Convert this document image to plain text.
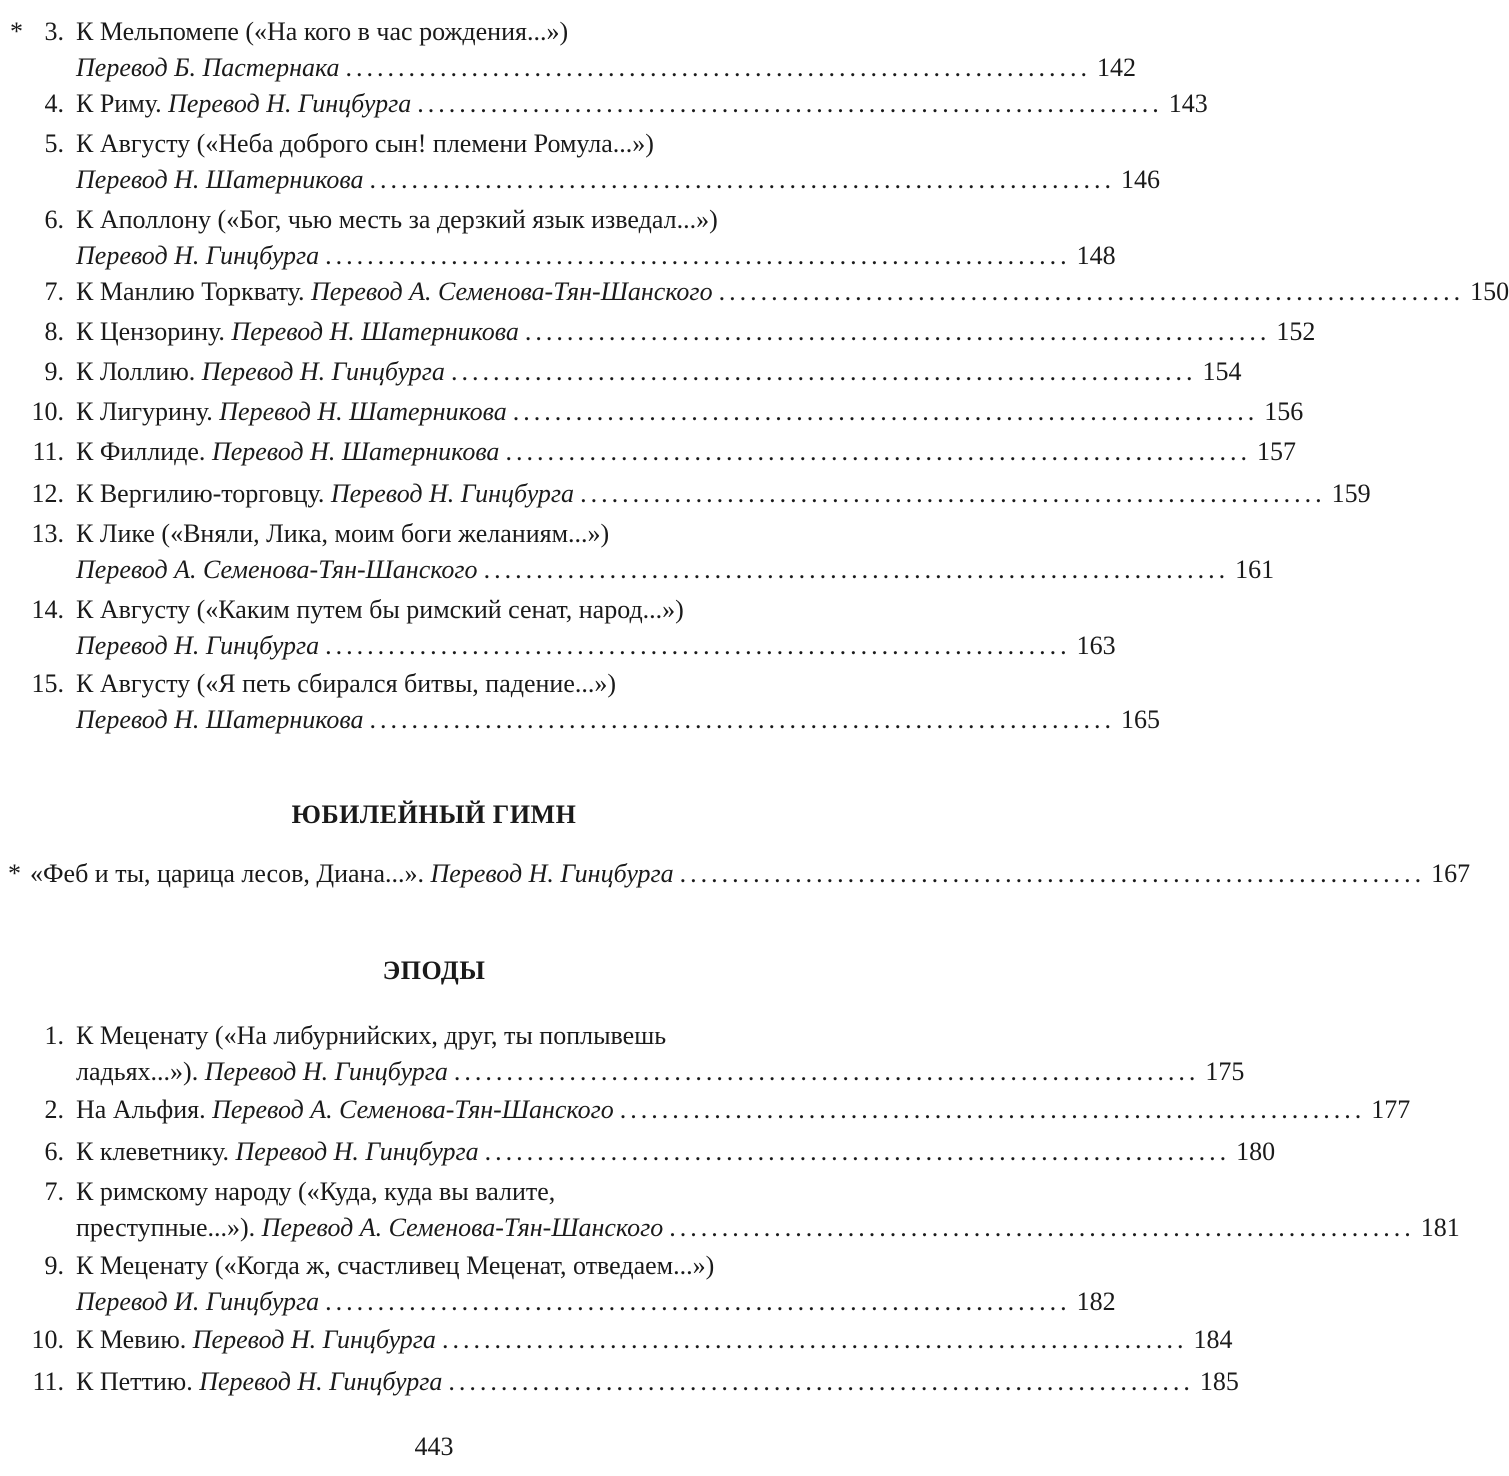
* 3. К Мельпомепе («На кого в час рождения...»)
Перевод Б. Пастернака ....................................................................... 142
4. К Риму. Перевод Н. Гинцбурга ....................................................................... 143
5. К Августу («Неба доброго сын! племени Ромула...»)
Перевод Н. Шатерникова ....................................................................... 146
6. К Аполлону («Бог, чью месть за дерзкий язык изведал...»)
Перевод Н. Гинцбурга ....................................................................... 148
7. К Манлию Торквату. Перевод А. Семенова-Тян-Шанского ....................................................................... 150
8. К Цензорину. Перевод Н. Шатерникова ....................................................................... 152
9. К Лоллию. Перевод Н. Гинцбурга ....................................................................... 154
10. К Лигурину. Перевод Н. Шатерникова ....................................................................... 156
11. К Филлиде. Перевод Н. Шатерникова ....................................................................... 157
12. К Вергилию-торговцу. Перевод Н. Гинцбурга ....................................................................... 159
13. К Лике («Вняли, Лика, моим боги желаниям...»)
Перевод А. Семенова-Тян-Шанского ....................................................................... 161
14. К Августу («Каким путем бы римский сенат, народ...»)
Перевод Н. Гинцбурга ....................................................................... 163
15. К Августу («Я петь сбирался битвы, падение...»)
Перевод Н. Шатерникова ....................................................................... 165
ЮБИЛЕЙНЫЙ ГИМН
* «Феб и ты, царица лесов, Диана...». Перевод Н. Гинцбурга ....................................................................... 167
ЭПОДЫ
1. К Меценату («На либурнийских, друг, ты поплывешь
ладьях...»). Перевод Н. Гинцбурга ....................................................................... 175
2. На Альфия. Перевод А. Семенова-Тян-Шанского ....................................................................... 177
6. К клеветнику. Перевод Н. Гинцбурга ....................................................................... 180
7. К римскому народу («Куда, куда вы валите,
преступные...»). Перевод А. Семенова-Тян-Шанского ....................................................................... 181
9. К Меценату («Когда ж, счастливец Меценат, отведаем...»)
Перевод И. Гинцбурга ....................................................................... 182
10. К Мевию. Перевод Н. Гинцбурга ....................................................................... 184
11. К Петтию. Перевод Н. Гинцбурга ....................................................................... 185
443
